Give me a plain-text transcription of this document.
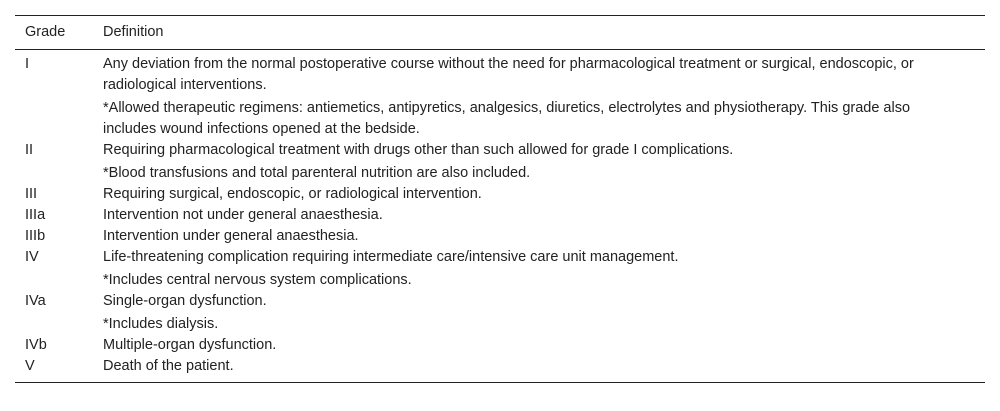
Grade	Definition
I	Any deviation from the normal postoperative course without the need for pharmacological treatment or surgical, endoscopic, or radiological interventions.
	*Allowed therapeutic regimens: antiemetics, antipyretics, analgesics, diuretics, electrolytes and physiotherapy. This grade also includes wound infections opened at the bedside.
II	Requiring pharmacological treatment with drugs other than such allowed for grade I complications.
	*Blood transfusions and total parenteral nutrition are also included.
III	Requiring surgical, endoscopic, or radiological intervention.
IIIa	Intervention not under general anaesthesia.
IIIb	Intervention under general anaesthesia.
IV	Life-threatening complication requiring intermediate care/intensive care unit management.
	*Includes central nervous system complications.
IVa	Single-organ dysfunction.
	*Includes dialysis.
IVb	Multiple-organ dysfunction.
V	Death of the patient.
